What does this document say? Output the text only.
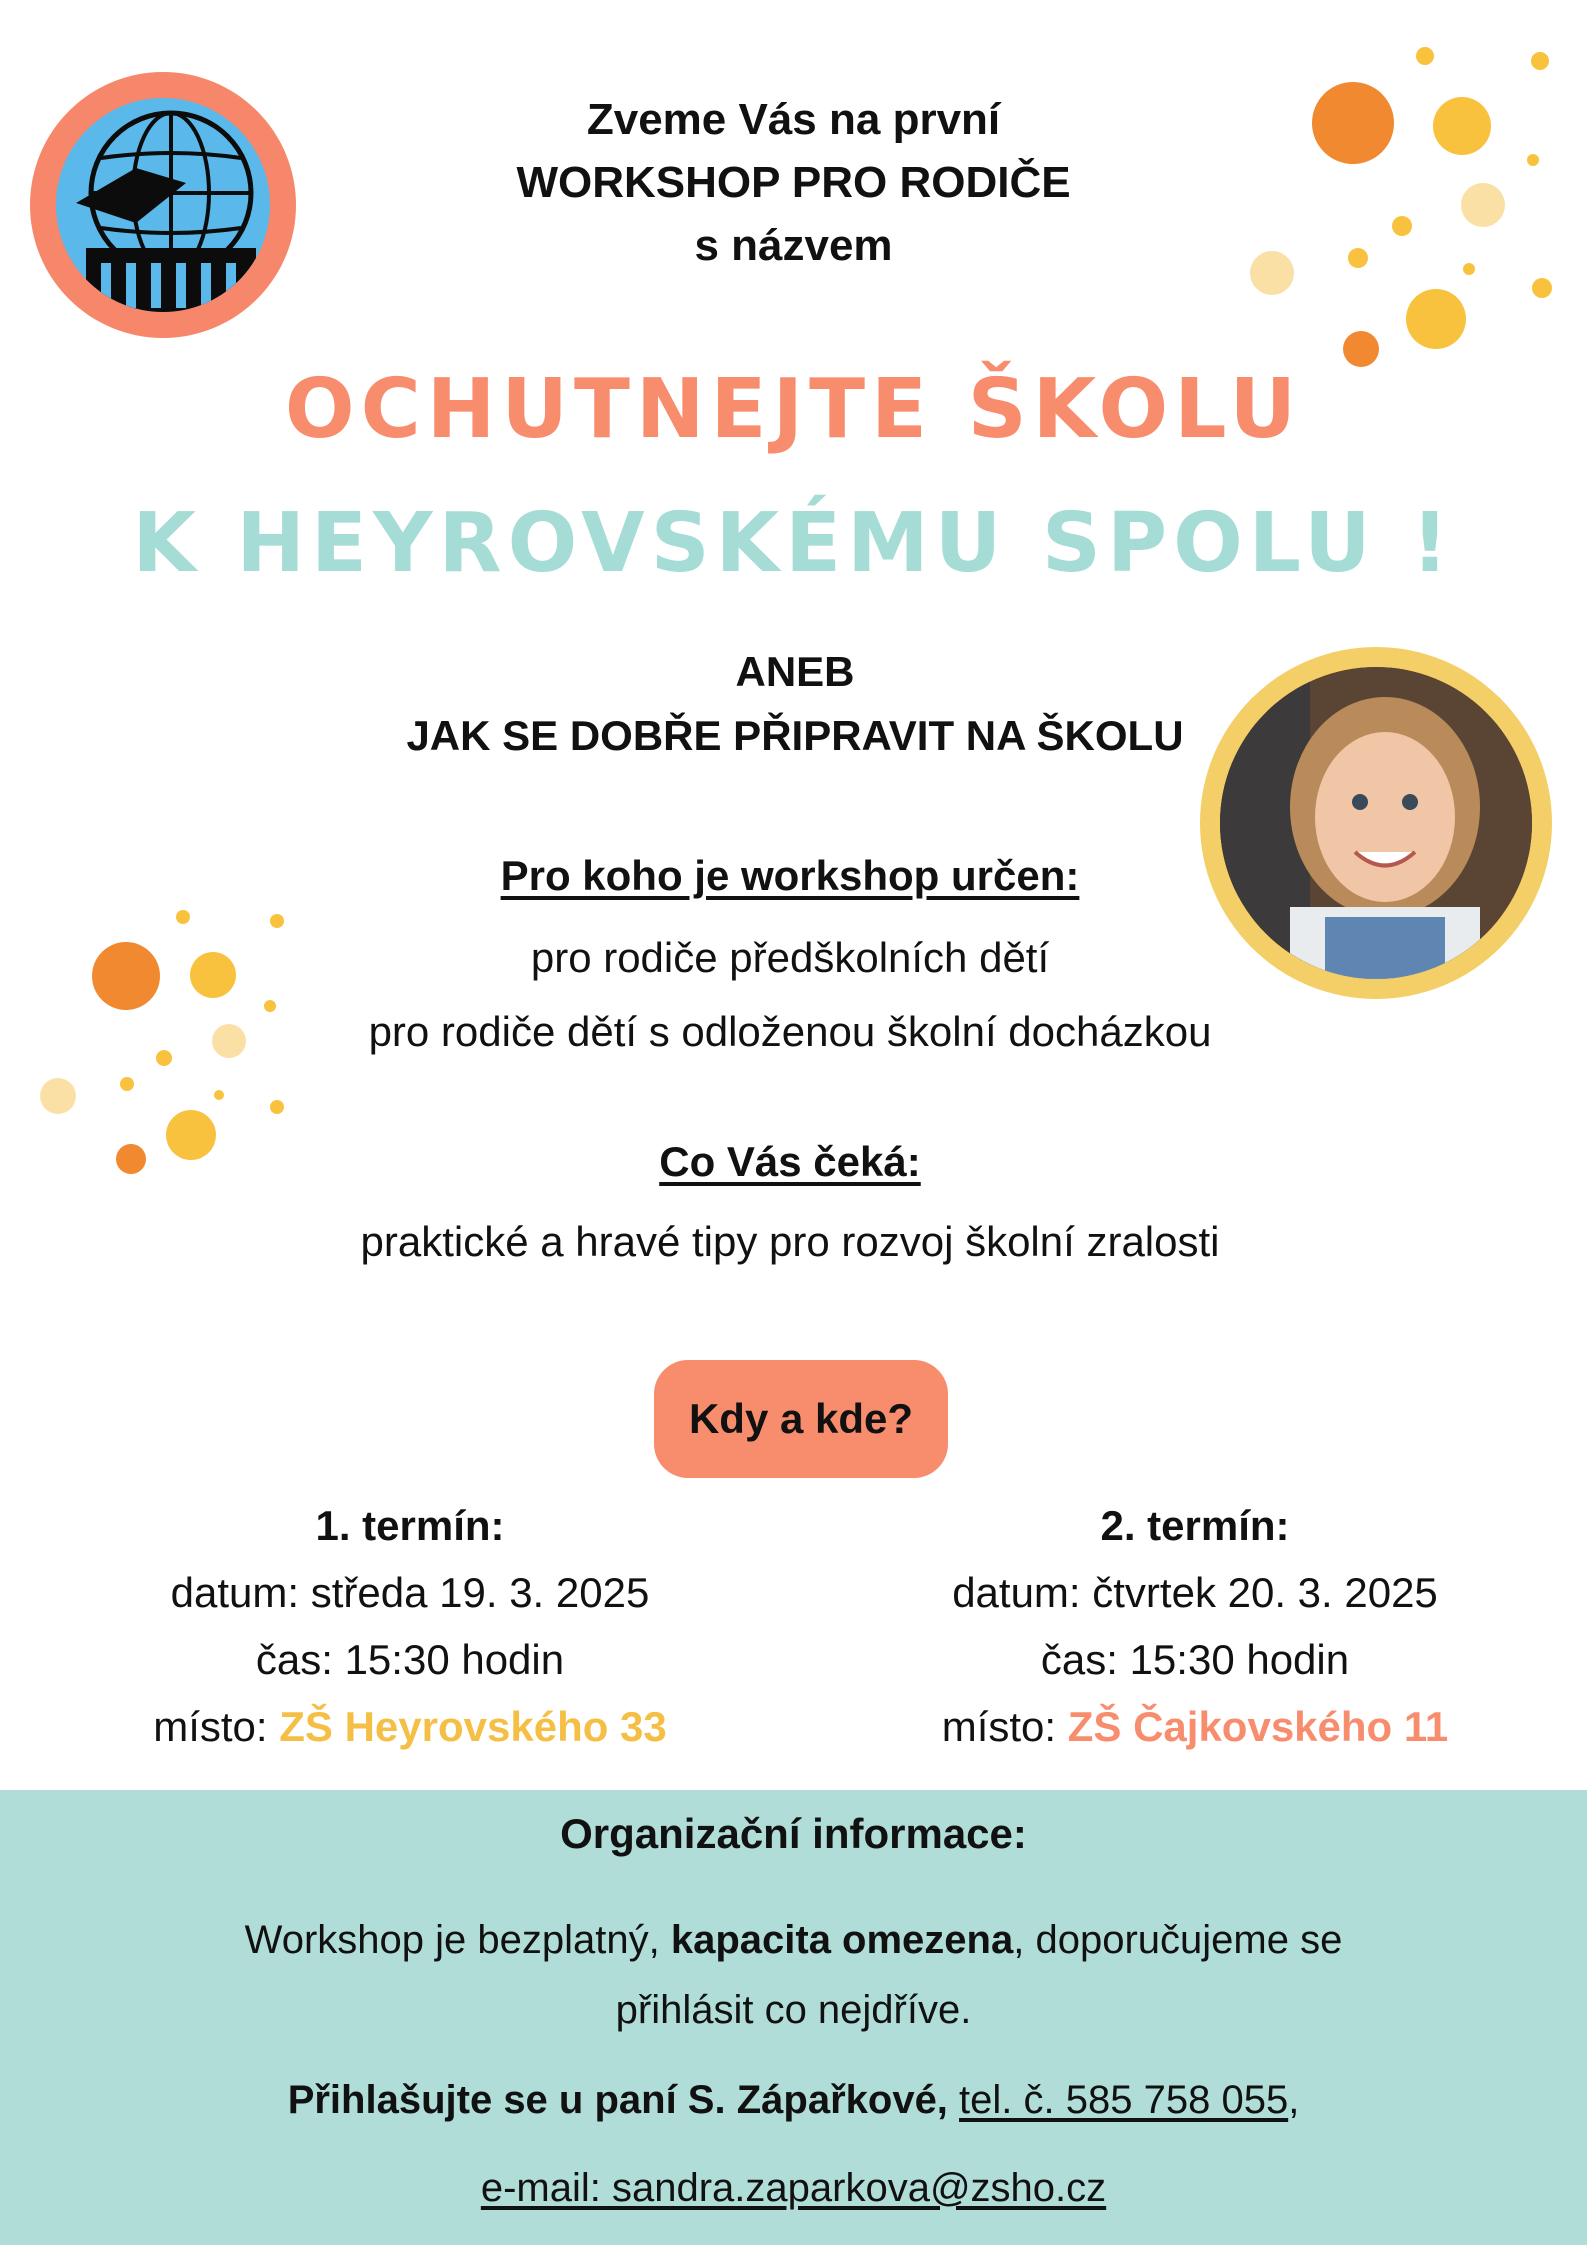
Zveme Vás na první
WORKSHOP PRO RODIČE
s názvem
OCHUTNEJTE ŠKOLU
K HEYROVSKÉMU SPOLU !
ANEB
JAK SE DOBŘE PŘIPRAVIT NA ŠKOLU
Pro koho je workshop určen:
pro rodiče předškolních dětí
pro rodiče dětí s odloženou školní docházkou
Co Vás čeká:
praktické a hravé tipy pro rozvoj školní zralosti
Kdy a kde?
1. termín:
datum: středa 19. 3. 2025
čas: 15:30 hodin
místo: ZŠ Heyrovského 33
2. termín:
datum: čtvrtek 20. 3. 2025
čas: 15:30 hodin
místo: ZŠ Čajkovského 11
Organizační informace:
Workshop je bezplatný, kapacita omezena, doporučujeme se
přihlásit co nejdříve.
Přihlašujte se u paní S. Zápařkové, tel. č. 585 758 055,
e-mail: sandra.zaparkova@zsho.cz
